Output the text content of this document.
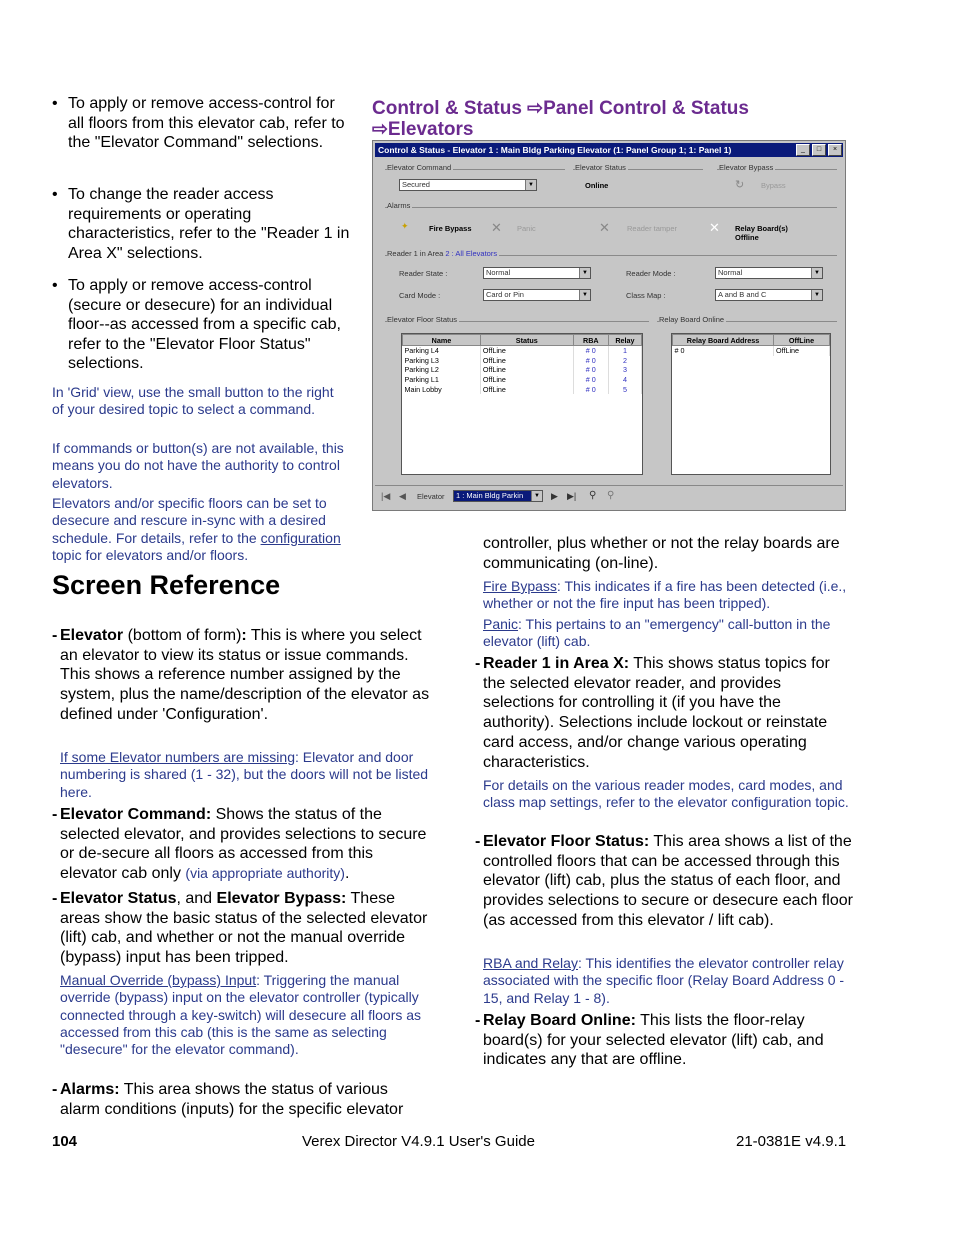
• To apply or remove access-control for all floors from this elevator cab, refer to the "Elevator Command" selections.
• To change the reader access requirements or operating characteristics, refer to the "Reader 1 in Area X" selections.
• To apply or remove access-control (secure or desecure) for an individual floor--as accessed from a specific cab, refer to the "Elevator Floor Status" selections.
In 'Grid' view, use the small button to the right of your desired topic to select a command.
If commands or button(s) are not available, this means you do not have the authority to control elevators.
Elevators and/or specific floors can be set to desecure and rescure in-sync with a desired schedule. For details, refer to the configuration topic for elevators and/or floors.
Control & Status ⇨Panel Control & Status
⇨Elevators
Control & Status - Elevator 1 : Main Bldg Parking Elevator (1: Panel Group 1; 1: Panel 1)	_	□	×
Elevator Command	Elevator Status	Elevator Bypass
Secured	▼	Online	↻ Bypass
Alarms
✦	Fire Bypass ✕ Panic	✕ Reader tamper ✕ Relay Board(s)
Offline
Reader 1 in Area 2 : All Elevators
Reader State :	Normal	▼	Reader Mode :	Normal	▼
Card Mode :	Card or Pin	▼	Class Map :	A and B and C	▼
Elevator Floor Status	Relay Board Online
Name	Status	RBA	Relay
Parking L4	OffLine	# 0	1
Parking L3	OffLine	# 0	2
Parking L2	OffLine	# 0	3
Parking L1	OffLine	# 0	4
Main Lobby	OffLine	# 0	5
Relay Board Address	OffLine
# 0	OffLine
|◀ ◀ Elevator	1 : Main Bldg Parkin	▼ ▶ ▶| ⚲ ⚲
Screen Reference
- Elevator (bottom of form): This is where you select an elevator to view its status or issue commands. This shows a reference number assigned by the system, plus the name/description of the elevator as defined under 'Configuration'.
If some Elevator numbers are missing: Elevator and door numbering is shared (1 - 32), but the doors will not be listed here.
- Elevator Command: Shows the status of the selected elevator, and provides selections to secure or de-secure all floors as accessed from this elevator cab only (via appropriate authority).
- Elevator Status, and Elevator Bypass: These areas show the basic status of the selected elevator (lift) cab, and whether or not the manual override (bypass) input has been tripped.
Manual Override (bypass) Input: Triggering the manual override (bypass) input on the elevator controller (typically connected through a key-switch) will desecure all floors as accessed from this cab (this is the same as selecting "desecure" for the elevator command).
- Alarms: This area shows the status of various alarm conditions (inputs) for the specific elevator
controller, plus whether or not the relay boards are communicating (on-line).
Fire Bypass: This indicates if a fire has been detected (i.e., whether or not the fire input has been tripped).
Panic: This pertains to an "emergency" call-button in the elevator (lift) cab.
- Reader 1 in Area X: This shows status topics for the selected elevator reader, and provides selections for controlling it (if you have the authority). Selections include lockout or reinstate card access, and/or change various operating characteristics.
For details on the various reader modes, card modes, and class map settings, refer to the elevator configuration topic.
- Elevator Floor Status: This area shows a list of the controlled floors that can be accessed through this elevator (lift) cab, plus the status of each floor, and provides selections to secure or desecure each floor (as accessed from this elevator / lift cab).
RBA and Relay: This identifies the elevator controller relay associated with the specific floor (Relay Board Address 0 - 15, and Relay 1 - 8).
- Relay Board Online: This lists the floor-relay board(s) for your selected elevator (lift) cab, and indicates any that are offline.
104	Verex Director V4.9.1 User's Guide	21-0381E v4.9.1
